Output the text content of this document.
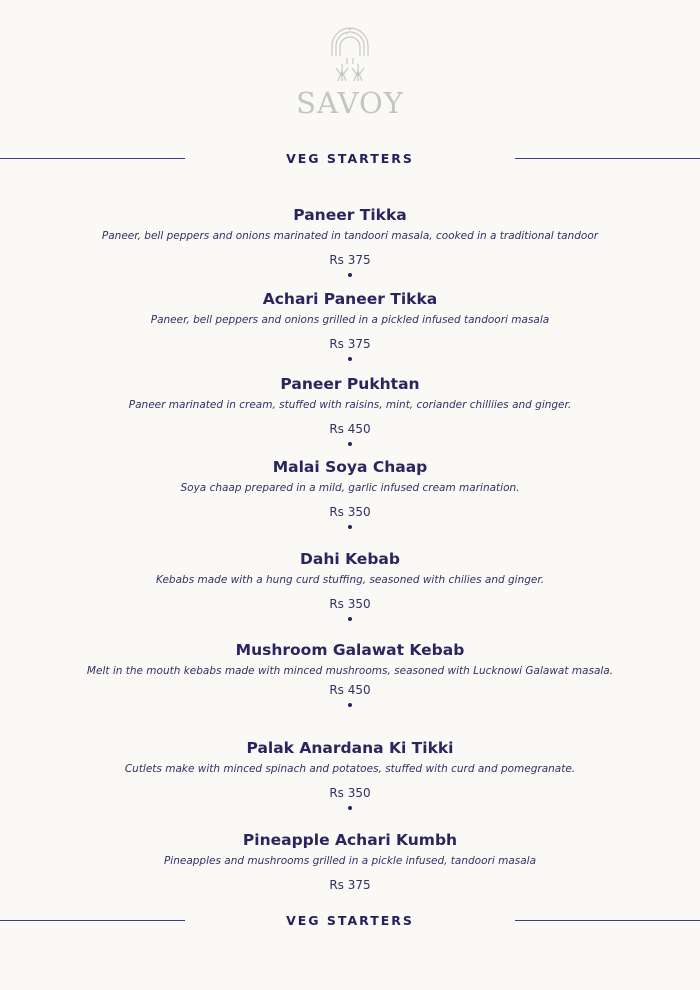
SAVOY
VEG STARTERS
Paneer Tikka
Paneer, bell peppers and onions marinated in tandoori masala, cooked in a traditional tandoor
Rs 375
Achari Paneer Tikka
Paneer, bell peppers and onions grilled in a pickled infused tandoori masala
Rs 375
Paneer Pukhtan
Paneer marinated in cream, stuffed with raisins, mint, coriander chilliies and ginger.
Rs 450
Malai Soya Chaap
Soya chaap prepared in a mild, garlic infused cream marination.
Rs 350
Dahi Kebab
Kebabs made with a hung curd stuffing, seasoned with chilies and ginger.
Rs 350
Mushroom Galawat Kebab
Melt in the mouth kebabs made with minced mushrooms, seasoned with Lucknowi Galawat masala.
Rs 450
Palak Anardana Ki Tikki
Cutlets make with minced spinach and potatoes, stuffed with curd and pomegranate.
Rs 350
Pineapple Achari Kumbh
Pineapples and mushrooms grilled in a pickle infused, tandoori masala
Rs 375
VEG STARTERS
